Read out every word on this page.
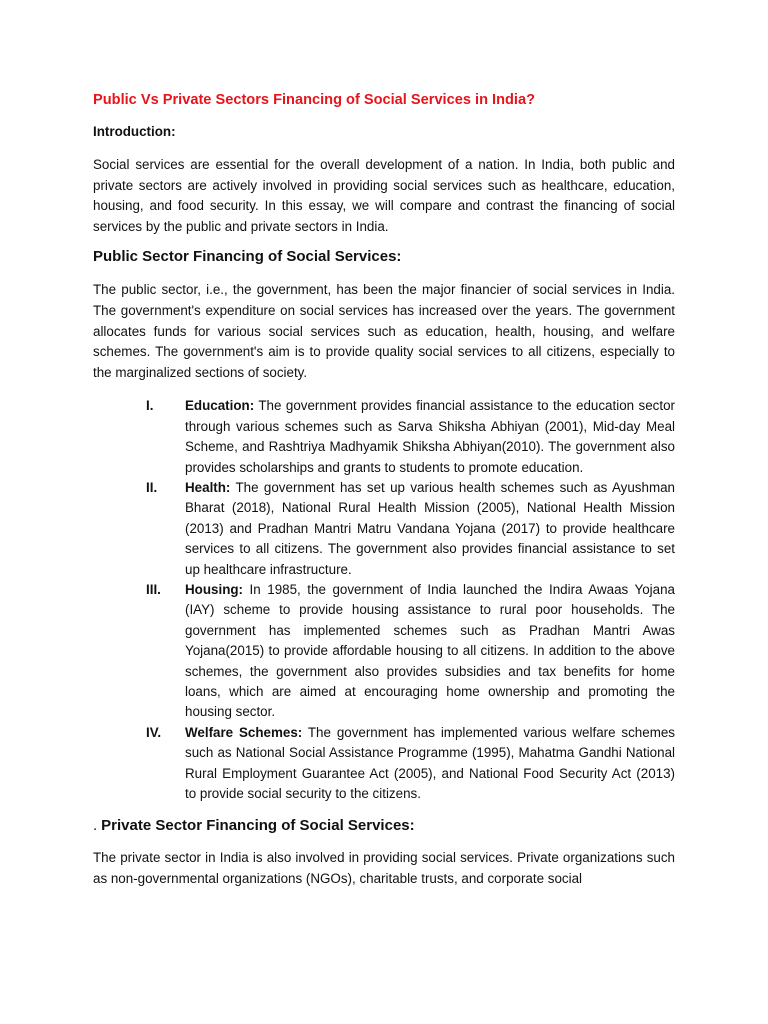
Public Vs Private Sectors Financing of Social Services in India?
Introduction:

Social services are essential for the overall development of a nation. In India, both public and private sectors are actively involved in providing social services such as healthcare, education, housing, and food security. In this essay, we will compare and contrast the financing of social services by the public and private sectors in India.

Public Sector Financing of Social Services:

The public sector, i.e., the government, has been the major financier of social services in India. The government's expenditure on social services has increased over the years. The government allocates funds for various social services such as education, health, housing, and welfare schemes. The government's aim is to provide quality social services to all citizens, especially to the marginalized sections of society.

I.	Education: The government provides financial assistance to the education sector through various schemes such as Sarva Shiksha Abhiyan (2001), Mid-day Meal Scheme, and Rashtriya Madhyamik Shiksha Abhiyan(2010). The government also provides scholarships and grants to students to promote education.
II.	Health: The government has set up various health schemes such as Ayushman Bharat (2018), National Rural Health Mission (2005), National Health Mission (2013) and Pradhan Mantri Matru Vandana Yojana (2017) to provide healthcare services to all citizens. The government also provides financial assistance to set up healthcare infrastructure.
III.	Housing: In 1985, the government of India launched the Indira Awaas Yojana (IAY) scheme to provide housing assistance to rural poor households. The government has implemented schemes such as Pradhan Mantri Awas Yojana(2015) to provide affordable housing to all citizens. In addition to the above schemes, the government also provides subsidies and tax benefits for home loans, which are aimed at encouraging home ownership and promoting the housing sector.
IV.	Welfare Schemes: The government has implemented various welfare schemes such as National Social Assistance Programme (1995), Mahatma Gandhi National Rural Employment Guarantee Act (2005), and National Food Security Act (2013) to provide social security to the citizens.
. Private Sector Financing of Social Services:

The private sector in India is also involved in providing social services. Private organizations such as non-governmental organizations (NGOs), charitable trusts, and corporate social
